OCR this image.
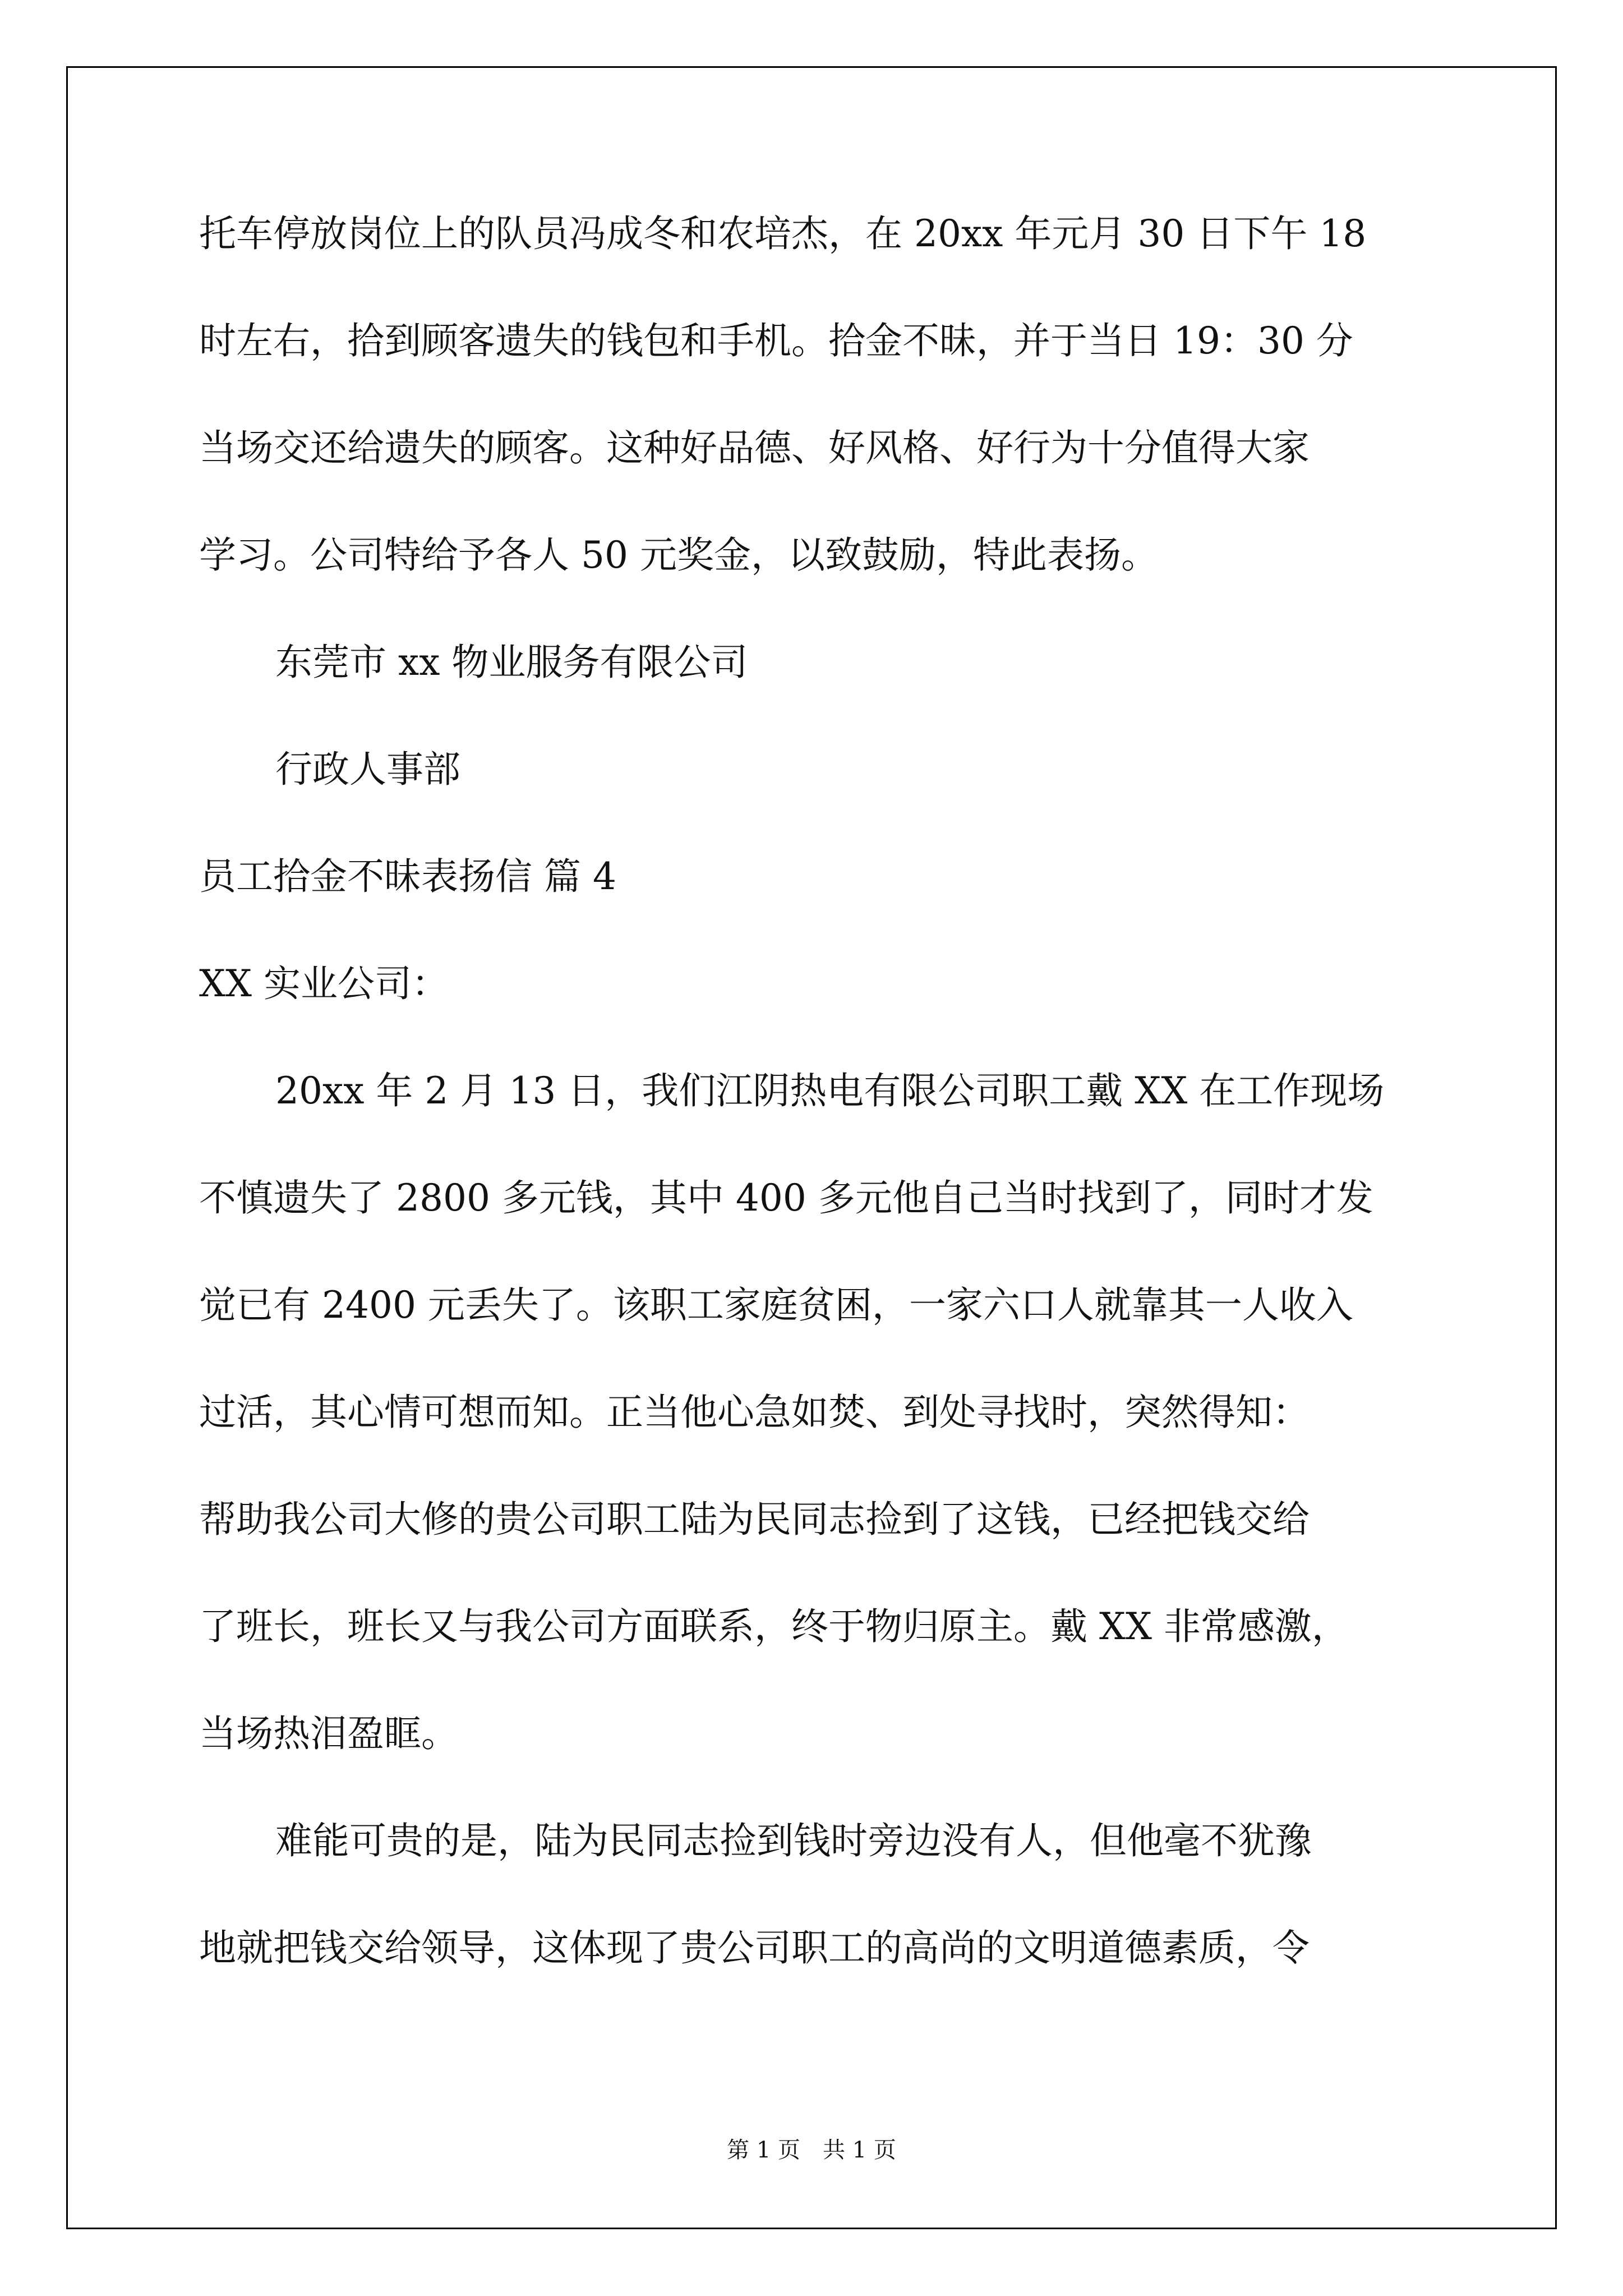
托车停放岗位上的队员冯成冬和农培杰，在 20xx 年元月 30 日下午 18
时左右，拾到顾客遗失的钱包和手机。拾金不昧，并于当日 19：30 分
当场交还给遗失的顾客。这种好品德、好风格、好行为十分值得大家
学习。公司特给予各人 50 元奖金，以致鼓励，特此表扬。
东莞市 xx 物业服务有限公司
行政人事部
员工拾金不昧表扬信 篇 4
XX 实业公司：
20xx 年 2 月 13 日，我们江阴热电有限公司职工戴 XX 在工作现场
不慎遗失了 2800 多元钱，其中 400 多元他自己当时找到了，同时才发
觉已有 2400 元丢失了。该职工家庭贫困，一家六口人就靠其一人收入
过活，其心情可想而知。正当他心急如焚、到处寻找时，突然得知：
帮助我公司大修的贵公司职工陆为民同志捡到了这钱，已经把钱交给
了班长，班长又与我公司方面联系，终于物归原主。戴 XX 非常感激，
当场热泪盈眶。
难能可贵的是，陆为民同志捡到钱时旁边没有人，但他毫不犹豫
地就把钱交给领导，这体现了贵公司职工的高尚的文明道德素质，令
第 1 页　共 1 页
